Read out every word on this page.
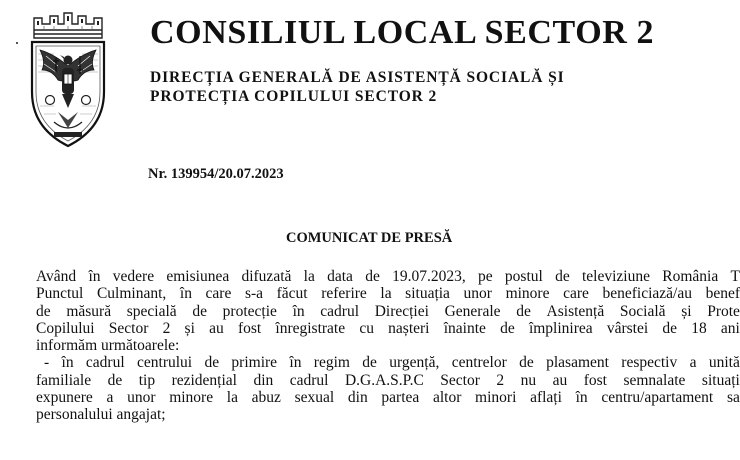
CONSILIUL LOCAL SECTOR 2
DIRECȚIA GENERALĂ DE ASISTENȚĂ SOCIALĂ ȘI
PROTECȚIA COPILULUI SECTOR 2
Nr. 139954/20.07.2023
COMUNICAT DE PRESĂ
Având în vedere emisiunea difuzată la data de 19.07.2023, pe postul de televiziune România T
Punctul Culminant, în care s-a făcut referire la situația unor minore care beneficiază/au benef
de măsură specială de protecție în cadrul Direcției Generale de Asistență Socială și Prote
Copilului Sector 2 și au fost înregistrate cu nașteri înainte de împlinirea vârstei de 18 ani
informăm următoarele:
- în cadrul centrului de primire în regim de urgență, centrelor de plasament respectiv a unită
familiale de tip rezidențial din cadrul D.G.A.S.P.C Sector 2 nu au fost semnalate situați
expunere a unor minore la abuz sexual din partea altor minori aflați în centru/apartament sa
personalului angajat;
